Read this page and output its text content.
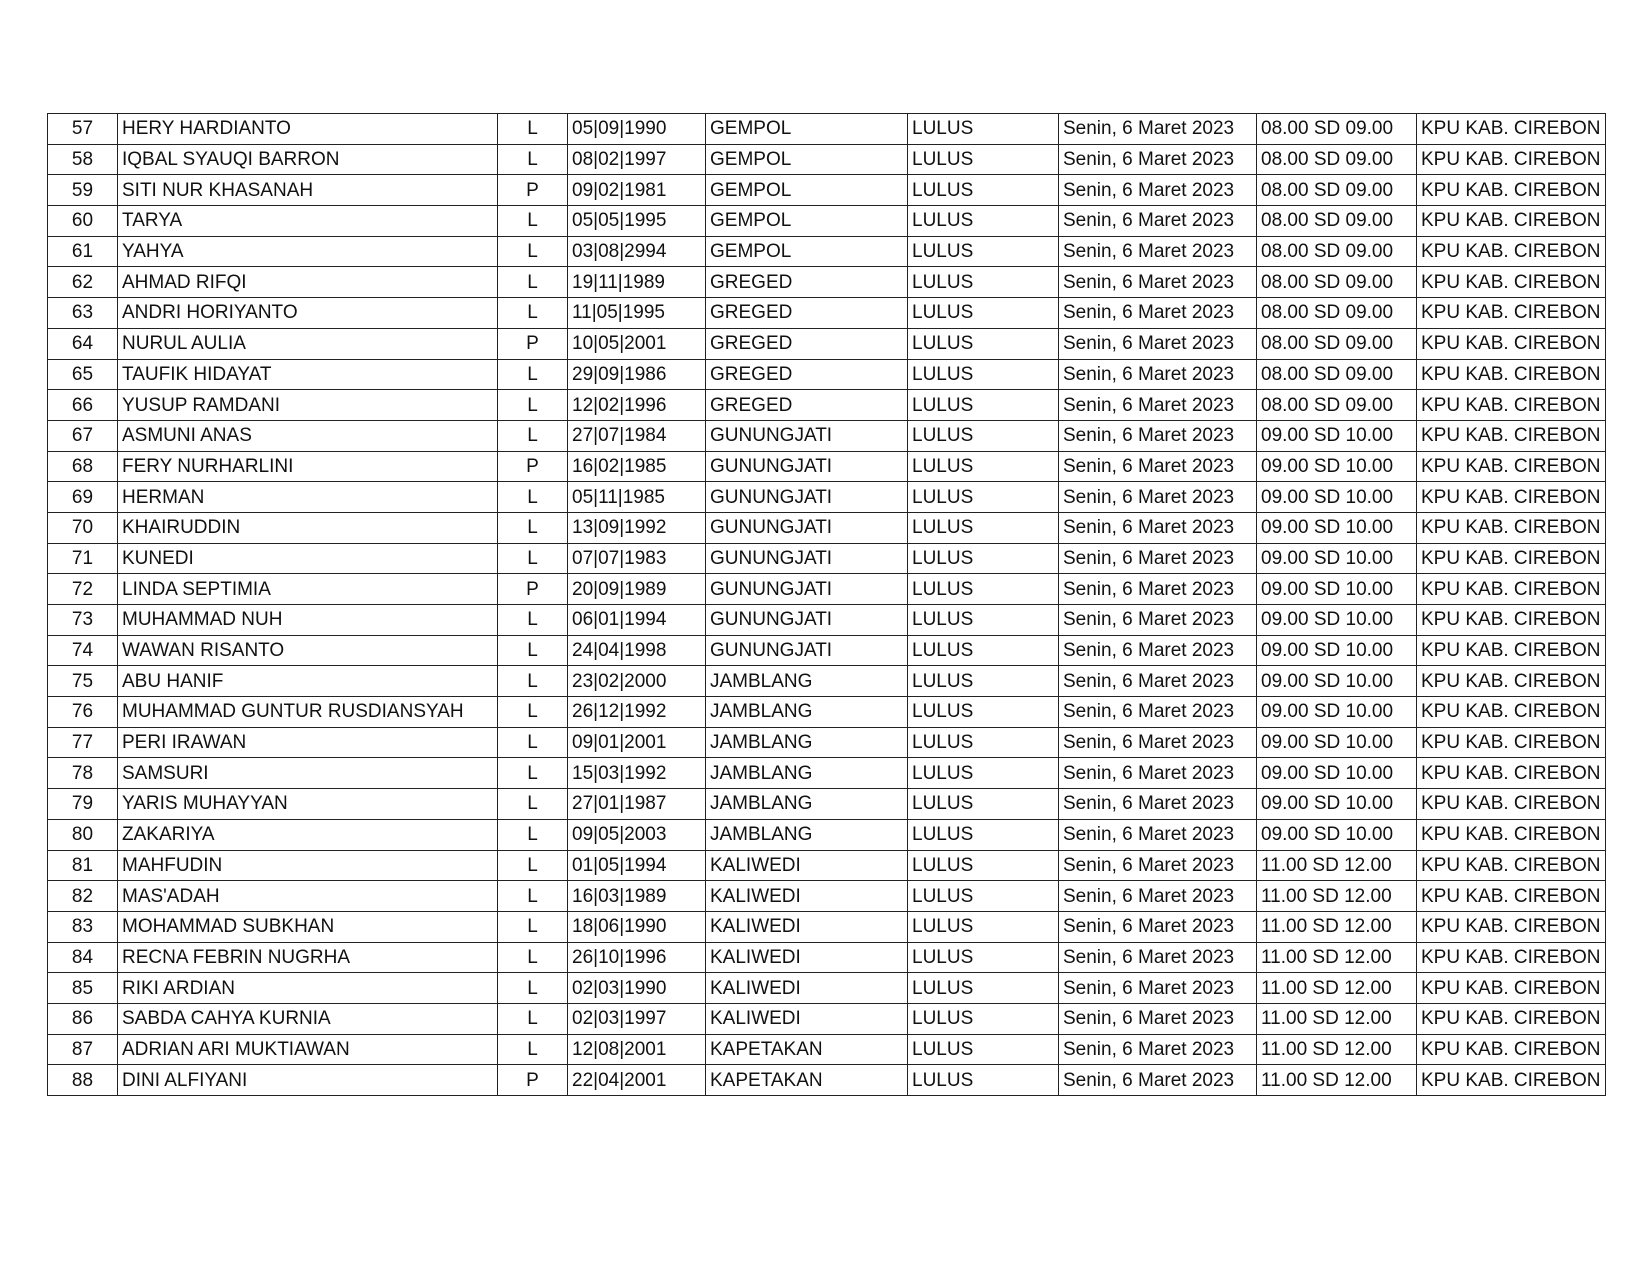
57	HERY HARDIANTO	L	05|09|1990	GEMPOL	LULUS	Senin, 6 Maret 2023	08.00 SD 09.00	KPU KAB. CIREBON
58	IQBAL SYAUQI BARRON	L	08|02|1997	GEMPOL	LULUS	Senin, 6 Maret 2023	08.00 SD 09.00	KPU KAB. CIREBON
59	SITI NUR KHASANAH	P	09|02|1981	GEMPOL	LULUS	Senin, 6 Maret 2023	08.00 SD 09.00	KPU KAB. CIREBON
60	TARYA	L	05|05|1995	GEMPOL	LULUS	Senin, 6 Maret 2023	08.00 SD 09.00	KPU KAB. CIREBON
61	YAHYA	L	03|08|2994	GEMPOL	LULUS	Senin, 6 Maret 2023	08.00 SD 09.00	KPU KAB. CIREBON
62	AHMAD RIFQI	L	19|11|1989	GREGED	LULUS	Senin, 6 Maret 2023	08.00 SD 09.00	KPU KAB. CIREBON
63	ANDRI HORIYANTO	L	11|05|1995	GREGED	LULUS	Senin, 6 Maret 2023	08.00 SD 09.00	KPU KAB. CIREBON
64	NURUL AULIA	P	10|05|2001	GREGED	LULUS	Senin, 6 Maret 2023	08.00 SD 09.00	KPU KAB. CIREBON
65	TAUFIK HIDAYAT	L	29|09|1986	GREGED	LULUS	Senin, 6 Maret 2023	08.00 SD 09.00	KPU KAB. CIREBON
66	YUSUP RAMDANI	L	12|02|1996	GREGED	LULUS	Senin, 6 Maret 2023	08.00 SD 09.00	KPU KAB. CIREBON
67	ASMUNI ANAS	L	27|07|1984	GUNUNGJATI	LULUS	Senin, 6 Maret 2023	09.00 SD 10.00	KPU KAB. CIREBON
68	FERY NURHARLINI	P	16|02|1985	GUNUNGJATI	LULUS	Senin, 6 Maret 2023	09.00 SD 10.00	KPU KAB. CIREBON
69	HERMAN	L	05|11|1985	GUNUNGJATI	LULUS	Senin, 6 Maret 2023	09.00 SD 10.00	KPU KAB. CIREBON
70	KHAIRUDDIN	L	13|09|1992	GUNUNGJATI	LULUS	Senin, 6 Maret 2023	09.00 SD 10.00	KPU KAB. CIREBON
71	KUNEDI	L	07|07|1983	GUNUNGJATI	LULUS	Senin, 6 Maret 2023	09.00 SD 10.00	KPU KAB. CIREBON
72	LINDA SEPTIMIA	P	20|09|1989	GUNUNGJATI	LULUS	Senin, 6 Maret 2023	09.00 SD 10.00	KPU KAB. CIREBON
73	MUHAMMAD NUH	L	06|01|1994	GUNUNGJATI	LULUS	Senin, 6 Maret 2023	09.00 SD 10.00	KPU KAB. CIREBON
74	WAWAN RISANTO	L	24|04|1998	GUNUNGJATI	LULUS	Senin, 6 Maret 2023	09.00 SD 10.00	KPU KAB. CIREBON
75	ABU HANIF	L	23|02|2000	JAMBLANG	LULUS	Senin, 6 Maret 2023	09.00 SD 10.00	KPU KAB. CIREBON
76	MUHAMMAD GUNTUR RUSDIANSYAH	L	26|12|1992	JAMBLANG	LULUS	Senin, 6 Maret 2023	09.00 SD 10.00	KPU KAB. CIREBON
77	PERI IRAWAN	L	09|01|2001	JAMBLANG	LULUS	Senin, 6 Maret 2023	09.00 SD 10.00	KPU KAB. CIREBON
78	SAMSURI	L	15|03|1992	JAMBLANG	LULUS	Senin, 6 Maret 2023	09.00 SD 10.00	KPU KAB. CIREBON
79	YARIS MUHAYYAN	L	27|01|1987	JAMBLANG	LULUS	Senin, 6 Maret 2023	09.00 SD 10.00	KPU KAB. CIREBON
80	ZAKARIYA	L	09|05|2003	JAMBLANG	LULUS	Senin, 6 Maret 2023	09.00 SD 10.00	KPU KAB. CIREBON
81	MAHFUDIN	L	01|05|1994	KALIWEDI	LULUS	Senin, 6 Maret 2023	11.00 SD 12.00	KPU KAB. CIREBON
82	MAS'ADAH	L	16|03|1989	KALIWEDI	LULUS	Senin, 6 Maret 2023	11.00 SD 12.00	KPU KAB. CIREBON
83	MOHAMMAD SUBKHAN	L	18|06|1990	KALIWEDI	LULUS	Senin, 6 Maret 2023	11.00 SD 12.00	KPU KAB. CIREBON
84	RECNA FEBRIN NUGRHA	L	26|10|1996	KALIWEDI	LULUS	Senin, 6 Maret 2023	11.00 SD 12.00	KPU KAB. CIREBON
85	RIKI ARDIAN	L	02|03|1990	KALIWEDI	LULUS	Senin, 6 Maret 2023	11.00 SD 12.00	KPU KAB. CIREBON
86	SABDA CAHYA KURNIA	L	02|03|1997	KALIWEDI	LULUS	Senin, 6 Maret 2023	11.00 SD 12.00	KPU KAB. CIREBON
87	ADRIAN ARI MUKTIAWAN	L	12|08|2001	KAPETAKAN	LULUS	Senin, 6 Maret 2023	11.00 SD 12.00	KPU KAB. CIREBON
88	DINI ALFIYANI	P	22|04|2001	KAPETAKAN	LULUS	Senin, 6 Maret 2023	11.00 SD 12.00	KPU KAB. CIREBON
